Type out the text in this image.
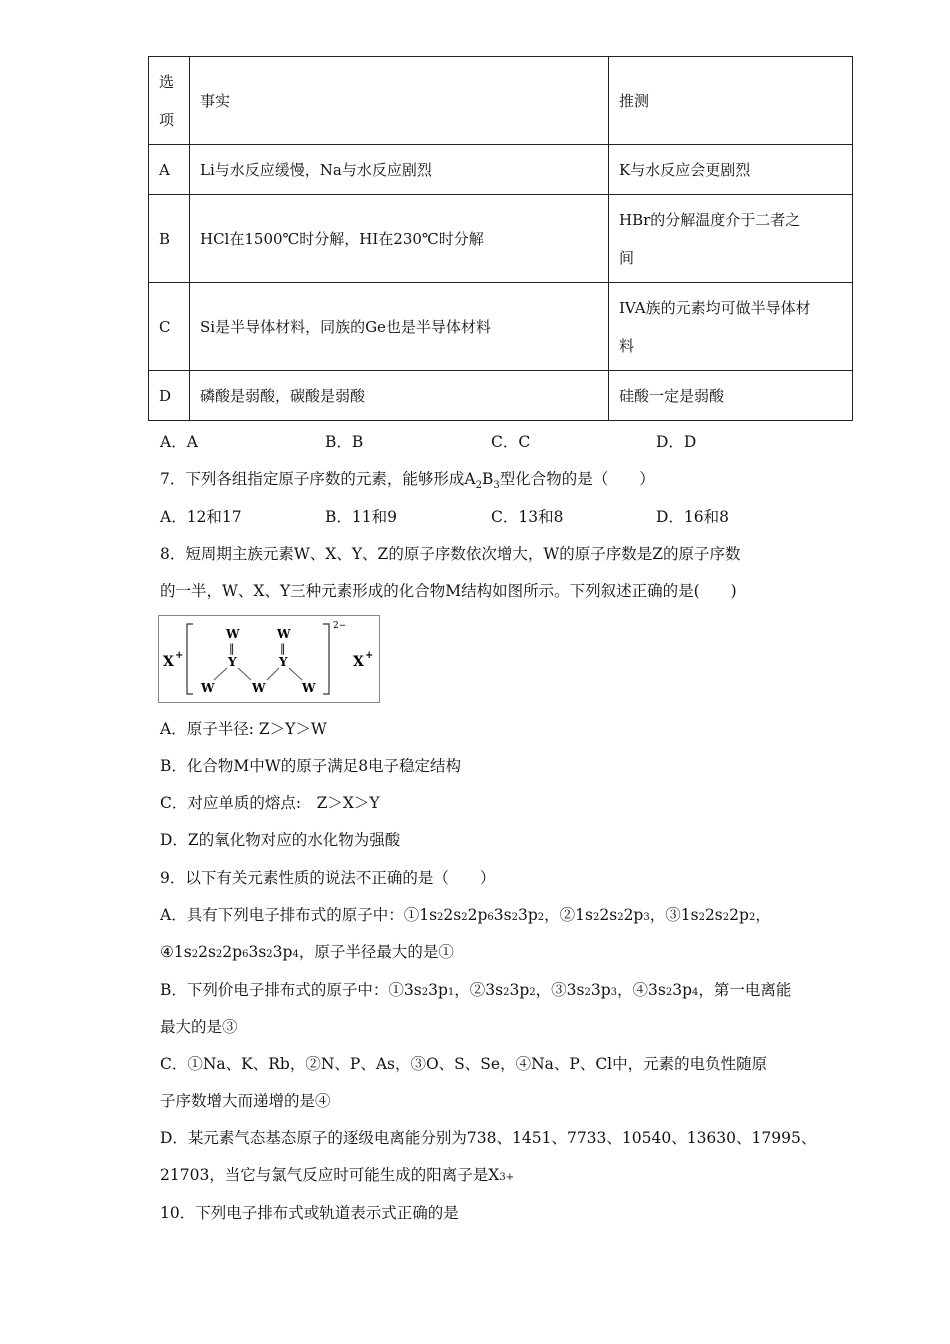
选
项	事实	推测
A	Li与水反应缓慢，Na与水反应剧烈	K与水反应会更剧烈
B	HCl在1500℃时分解，HⅠ在230℃时分解	HBr的分解温度介于二者之
间

C	Si是半导体材料，同族的Ge也是半导体材料	IVA族的元素均可做半导体材
料

D	磷酸是弱酸，碳酸是弱酸	硅酸一定是弱酸
A．A	B．B	C．C	D．D
7．下列各组指定原子序数的元素，能够形成$A_2B_3$型化合物的是（　　）
A．12和17	B．11和9	C．13和8	D．16和8
8．短周期主族元素W、X、Y、Z的原子序数依次增大，W的原子序数是Z的原子序数
的一半，W、X、Y三种元素形成的化合物M结构如图所示。下列叙述正确的是(　　)
X +
2−
W	W
‖	‖
Y	Y
W	W	W
X +
A．原子半径: Z＞Y＞W
B．化合物M中W的原子满足8电子稳定结构
C．对应单质的熔点:　Z＞X＞Y
D．Z的氧化物对应的水化物为强酸
9．以下有关元素性质的说法不正确的是（　　）
A．具有下列电子排布式的原子中：①1s22s22p63s23p2，②1s22s22p3，③1s22s22p2，
④1s22s22p63s23p4，原子半径最大的是①
B．下列价电子排布式的原子中：①3s23p1，②3s23p2，③3s23p3，④3s23p4，第一电离能
最大的是③
C．①Na、K、Rb，②N、P、As，③O、S、Se，④Na、P、Cl中，元素的电负性随原
子序数增大而递增的是④
D．某元素气态基态原子的逐级电离能分别为738、1451、7733、10540、13630、17995、
21703，当它与氯气反应时可能生成的阳离子是X3+
10．下列电子排布式或轨道表示式正确的是
